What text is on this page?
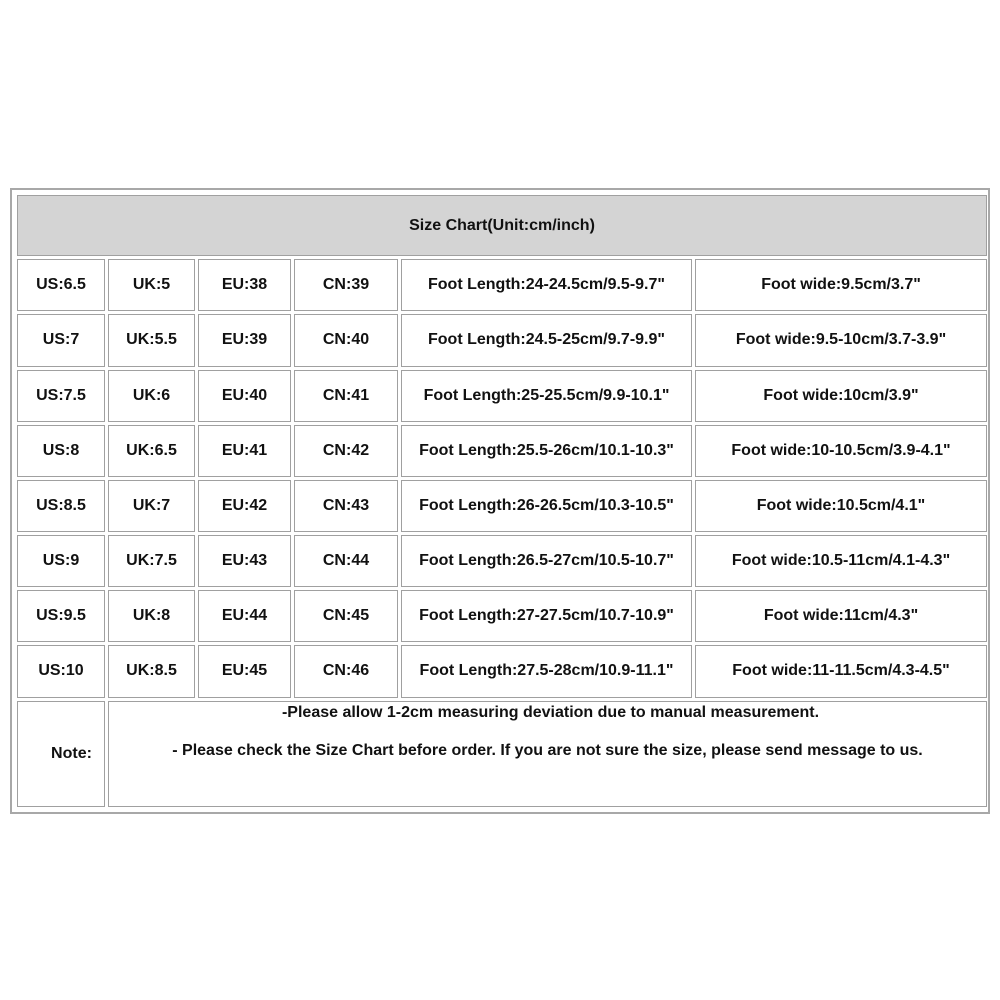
Size Chart(Unit:cm/inch)					
US:6.5	UK:5	EU:38	CN:39	Foot Length:24-24.5cm/9.5-9.7"	Foot wide:9.5cm/3.7"
US:7	UK:5.5	EU:39	CN:40	Foot Length:24.5-25cm/9.7-9.9"	Foot wide:9.5-10cm/3.7-3.9"
US:7.5	UK:6	EU:40	CN:41	Foot Length:25-25.5cm/9.9-10.1"	Foot wide:10cm/3.9"
US:8	UK:6.5	EU:41	CN:42	Foot Length:25.5-26cm/10.1-10.3"	Foot wide:10-10.5cm/3.9-4.1"
US:8.5	UK:7	EU:42	CN:43	Foot Length:26-26.5cm/10.3-10.5"	Foot wide:10.5cm/4.1"
US:9	UK:7.5	EU:43	CN:44	Foot Length:26.5-27cm/10.5-10.7"	Foot wide:10.5-11cm/4.1-4.3"
US:9.5	UK:8	EU:44	CN:45	Foot Length:27-27.5cm/10.7-10.9"	Foot wide:11cm/4.3"
US:10	UK:8.5	EU:45	CN:46	Foot Length:27.5-28cm/10.9-11.1"	Foot wide:11-11.5cm/4.3-4.5"
Note:	-Please allow 1-2cm measuring deviation due to manual measurement.
- Please check the Size Chart before order. If you are not sure the size, please send message to us.				
